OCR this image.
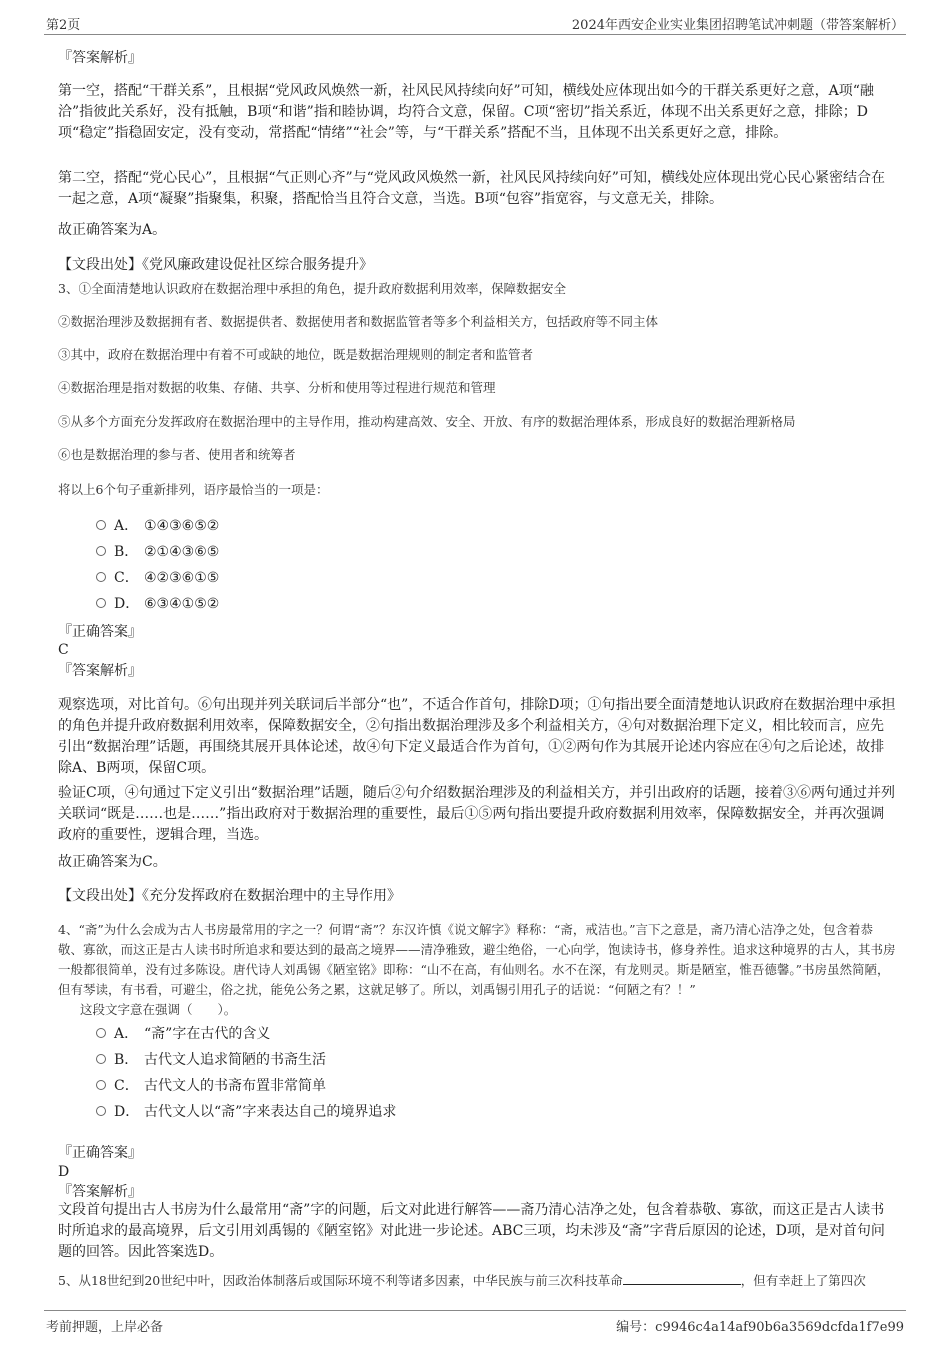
第2页	2024年西安企业实业集团招聘笔试冲刺题（带答案解析）
『答案解析』
第一空，搭配“干群关系”，且根据“党风政风焕然一新，社风民风持续向好”可知，横线处应体现出如今的干群关系更好之意，A项“融洽”指彼此关系好，没有抵触，B项“和谐”指和睦协调，均符合文意，保留。C项“密切”指关系近，体现不出关系更好之意，排除；D项“稳定”指稳固安定，没有变动，常搭配“情绪”“社会”等，与“干群关系”搭配不当，且体现不出关系更好之意，排除。
第二空，搭配“党心民心”，且根据“气正则心齐”与“党风政风焕然一新，社风民风持续向好”可知，横线处应体现出党心民心紧密结合在一起之意，A项“凝聚”指聚集，积聚，搭配恰当且符合文意，当选。B项“包容”指宽容，与文意无关，排除。
故正确答案为A。
【文段出处】《党风廉政建设促社区综合服务提升》
3、①全面清楚地认识政府在数据治理中承担的角色，提升政府数据利用效率，保障数据安全
②数据治理涉及数据拥有者、数据提供者、数据使用者和数据监管者等多个利益相关方，包括政府等不同主体
③其中，政府在数据治理中有着不可或缺的地位，既是数据治理规则的制定者和监管者
④数据治理是指对数据的收集、存储、共享、分析和使用等过程进行规范和管理
⑤从多个方面充分发挥政府在数据治理中的主导作用，推动构建高效、安全、开放、有序的数据治理体系，形成良好的数据治理新格局
⑥也是数据治理的参与者、使用者和统筹者
将以上6个句子重新排列，语序最恰当的一项是：
A． ①④③⑥⑤②
B． ②①④③⑥⑤
C． ④②③⑥①⑤
D． ⑥③④①⑤②
『正确答案』
C
『答案解析』
观察选项，对比首句。⑥句出现并列关联词后半部分“也”，不适合作首句，排除D项；①句指出要全面清楚地认识政府在数据治理中承担的角色并提升政府数据利用效率，保障数据安全，②句指出数据治理涉及多个利益相关方，④句对数据治理下定义，相比较而言，应先引出“数据治理”话题，再围绕其展开具体论述，故④句下定义最适合作为首句，①②两句作为其展开论述内容应在④句之后论述，故排除A、B两项，保留C项。
验证C项，④句通过下定义引出“数据治理”话题，随后②句介绍数据治理涉及的利益相关方，并引出政府的话题，接着③⑥两句通过并列关联词“既是……也是……”指出政府对于数据治理的重要性，最后①⑤两句指出要提升政府数据利用效率，保障数据安全，并再次强调政府的重要性，逻辑合理，当选。
故正确答案为C。
【文段出处】《充分发挥政府在数据治理中的主导作用》
4、“斋”为什么会成为古人书房最常用的字之一？何谓“斋”？东汉许慎《说文解字》释称：“斋，戒洁也。”言下之意是，斋乃清心洁净之处，包含着恭敬、寡欲，而这正是古人读书时所追求和要达到的最高之境界——清净雅致，避尘绝俗，一心向学，饱读诗书，修身养性。追求这种境界的古人，其书房一般都很简单，没有过多陈设。唐代诗人刘禹锡《陋室铭》即称：“山不在高，有仙则名。水不在深，有龙则灵。斯是陋室，惟吾德馨。”书房虽然简陋，但有琴读，有书看，可避尘，俗之扰，能免公务之累，这就足够了。所以，刘禹锡引用孔子的话说：“何陋之有？！”
这段文字意在强调（　　）。
A． “斋”字在古代的含义
B． 古代文人追求简陋的书斋生活
C． 古代文人的书斋布置非常简单
D． 古代文人以“斋”字来表达自己的境界追求
『正确答案』
D
『答案解析』
文段首句提出古人书房为什么最常用“斋”字的问题，后文对此进行解答——斋乃清心洁净之处，包含着恭敬、寡欲，而这正是古人读书时所追求的最高境界，后文引用刘禹锡的《陋室铭》对此进一步论述。ABC三项，均未涉及“斋”字背后原因的论述，D项，是对首句问题的回答。因此答案选D。
5、从18世纪到20世纪中叶，因政治体制落后或国际环境不利等诸多因素，中华民族与前三次科技革命	，但有幸赶上了第四次
考前押题，上岸必备	编号：c9946c4a14af90b6a3569dcfda1f7e99
